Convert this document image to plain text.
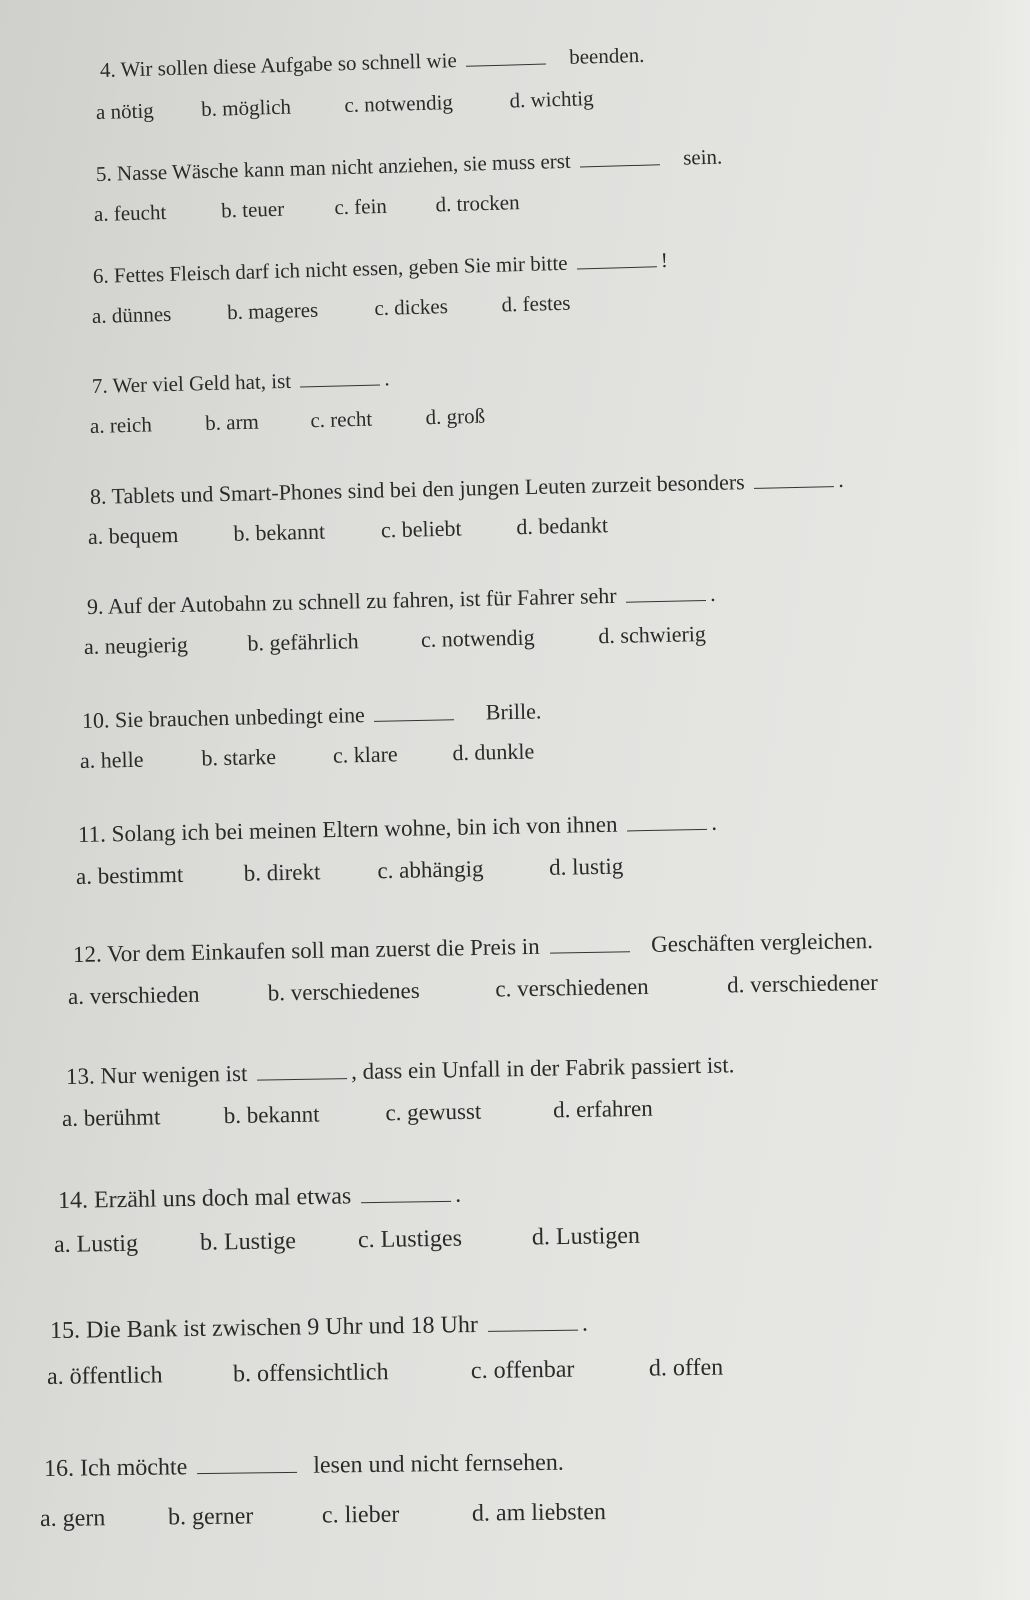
4. Wir sollen diese Aufgabe so schnell wie	beenden.
a nötig b. möglich	c. notwendig	d. wichtig
5. Nasse Wäsche kann man nicht anziehen, sie muss erst	sein.
a. feucht	b. teuer c. fein d. trocken
6. Fettes Fleisch darf ich nicht essen, geben Sie mir bitte	!
a. dünnes	b. mageres	c. dickes	d. festes
7. Wer viel Geld hat, ist	.
a. reich	b. arm c. recht	d. groß
8. Tablets und Smart-Phones sind bei den jungen Leuten zurzeit besonders	.
a. bequem b. bekannt	c. beliebt d. bedankt
9. Auf der Autobahn zu schnell zu fahren, ist für Fahrer sehr	.
a. neugierig	b. gefährlich	c. notwendig	d. schwierig
10. Sie brauchen unbedingt eine	Brille.
a. helle	b. starke	c. klare d. dunkle
11. Solang ich bei meinen Eltern wohne, bin ich von ihnen	.
a. bestimmt	b. direkt c. abhängig	d. lustig
12. Vor dem Einkaufen soll man zuerst die Preis in	Geschäften vergleichen.
a. verschieden	b. verschiedenes	c. verschiedenen	d. verschiedener
13. Nur wenigen ist	, dass ein Unfall in der Fabrik passiert ist.
a. berühmt	b. bekannt	c. gewusst	d. erfahren
14. Erzähl uns doch mal etwas	.
a. Lustig	b. Lustige	c. Lustiges	d. Lustigen
15. Die Bank ist zwischen 9 Uhr und 18 Uhr	.
a. öffentlich	b. offensichtlich	c. offenbar	d. offen
16. Ich möchte	lesen und nicht fernsehen.
a. gern	b. gerner	c. lieber	d. am liebsten
